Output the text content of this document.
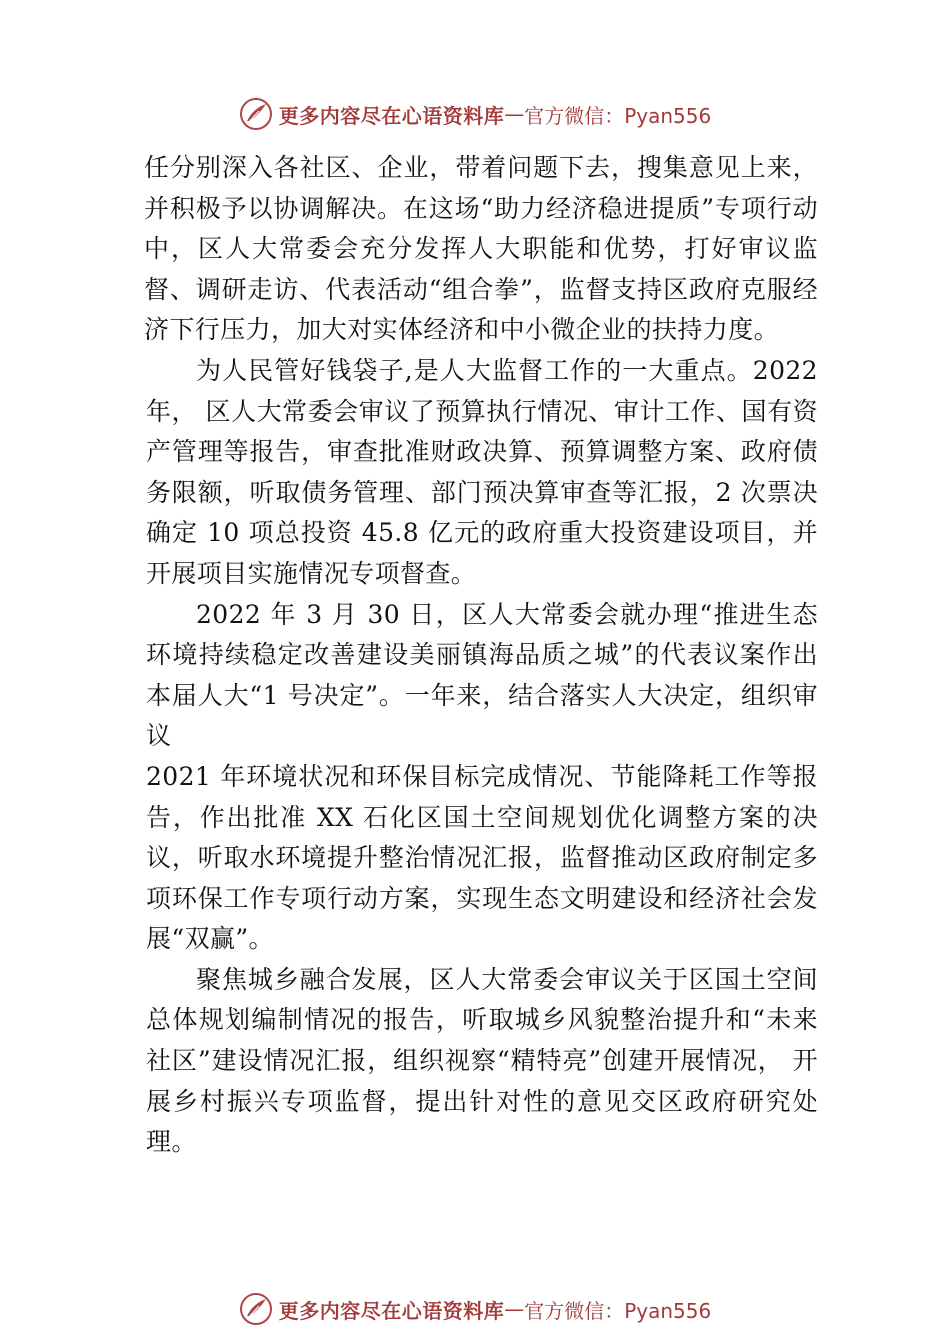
更多内容尽在心语资料库 — 官方微信：Pyan556

任分别深入各社区、企业，带着问题下去，搜集意见上来， 并积极予以协调解决。在这场“助力经济稳进提质”专项行动中，区人大常委会充分发挥人大职能和优势，打好审议监督、调研走访、代表活动“组合拳”，监督支持区政府克服经济下行压力，加大对实体经济和中小微企业的扶持力度。

为人民管好钱袋子,是人大监督工作的一大重点。2022 年， 区人大常委会审议了预算执行情况、审计工作、国有资产管理等报告，审查批准财政决算、预算调整方案、政府债务限额，听取债务管理、部门预决算审查等汇报，2 次票决确定 10 项总投资 45.8 亿元的政府重大投资建设项目，并开展项目实施情况专项督查。

2022 年 3 月 30 日，区人大常委会就办理“推进生态环境持续稳定改善建设美丽镇海品质之城”的代表议案作出本届人大“1 号决定”。一年来，结合落实人大决定，组织审议

2021 年环境状况和环保目标完成情况、节能降耗工作等报告，作出批准 XX 石化区国土空间规划优化调整方案的决议，听取水环境提升整治情况汇报，监督推动区政府制定多项环保工作专项行动方案，实现生态文明建设和经济社会发展“双赢”。

聚焦城乡融合发展，区人大常委会审议关于区国土空间总体规划编制情况的报告，听取城乡风貌整治提升和“未来社区”建设情况汇报，组织视察“精特亮”创建开展情况， 开展乡村振兴专项监督，提出针对性的意见交区政府研究处理。

更多内容尽在心语资料库 — 官方微信：Pyan556
